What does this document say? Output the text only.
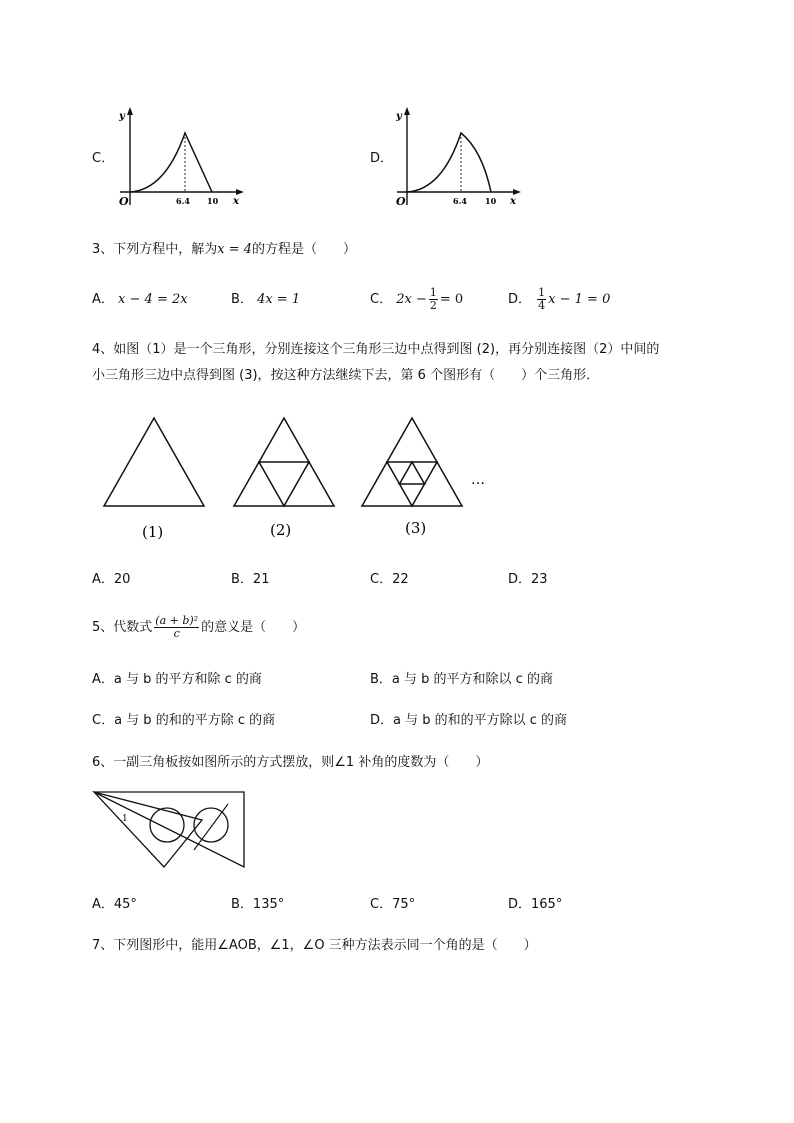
C．
y
x
O	6.4 10
D．
y
x
O	6.4 10
3、下列方程中，解为x = 4的方程是（　　）
A． x − 4 = 2x	B． 4x = 1	C． $2x - \frac{1}{2} = 0$	D． $\frac{1}{4}$ x − 1 = 0
4、如图（1）是一个三角形，分别连接这个三角形三边中点得到图 (2)，再分别连接图（2）中间的
小三角形三边中点得到图 (3)，按这种方法继续下去，第 6 个图形有（　　）个三角形．
…
(1)	(2)	(3)
A．20	B．21	C．22	D．23
5、代数式 $\frac{\text{(a + b)²}}{c}$ 的意义是（　　）
A．a 与 b 的平方和除 c 的商	B．a 与 b 的平方和除以 c 的商
C．a 与 b 的和的平方除 c 的商	D．a 与 b 的和的平方除以 c 的商
6、一副三角板按如图所示的方式摆放，则∠1 补角的度数为（　　）
1
A．45°	B．135°	C．75°	D．165°
7、下列图形中，能用∠AOB，∠1，∠O 三种方法表示同一个角的是（　　）
